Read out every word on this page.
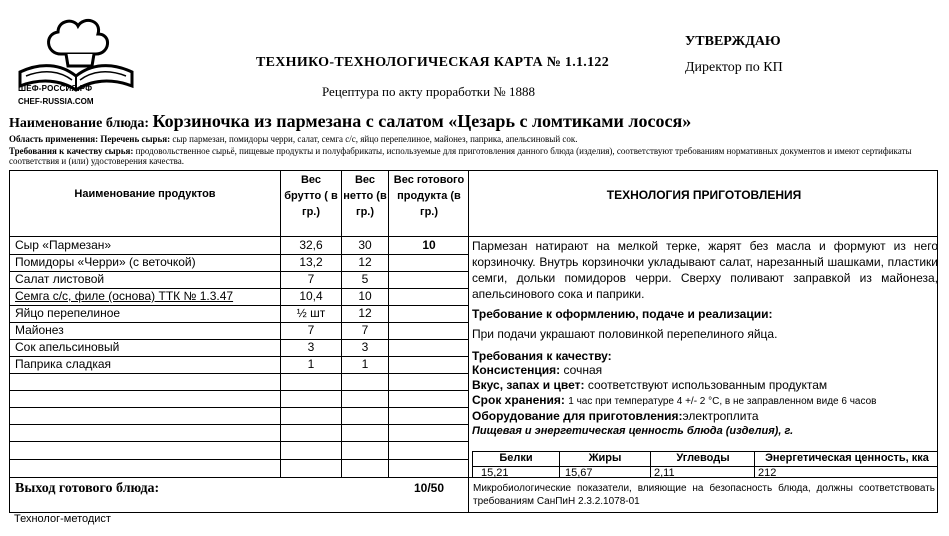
ШЕФ-РОССИЯ.РФ
CHEF-RUSSIA.COM
ТЕХНИКО-ТЕХНОЛОГИЧЕСКАЯ КАРТА № 1.1.122
Рецептура по акту проработки № 1888
УТВЕРЖДАЮ
Директор по КП
Наименование блюда: Корзиночка из пармезана с салатом «Цезарь с ломтиками лосося»
Область применения: Перечень сырья: сыр пармезан, помидоры черри, салат, семга с/с, яйцо перепелиное, майонез, паприка, апельсиновый сок.
Требования к качеству сырья: продовольственное сырьё, пищевые продукты и полуфабрикаты, используемые для приготовления данного блюда (изделия), соответствуют требованиям нормативных документов и имеют сертификаты соответствия и (или) удостоверения качества.
Наименование продуктов
Вес брутто ( в гр.)
Вес нетто (в гр.)
Вес готового продукта (в гр.)
ТЕХНОЛОГИЯ ПРИГОТОВЛЕНИЯ
Сыр «Пармезан»	32,6	30	10
Помидоры «Черри» (с веточкой)	13,2	12
Салат листовой	7	5
Семга с/с, филе (основа) ТТК № 1.3.47	10,4	10
Яйцо перепелиное	½ шт	12
Майонез	7	7
Сок апельсиновый	3	3
Паприка сладкая	1	1
Выход готового блюда:	10/50
Пармезан натирают на мелкой терке, жарят без масла и формуют из него корзиночку. Внутрь корзиночки укладывают салат, нарезанный шашками, пластики семги, дольки помидоров черри. Сверху поливают заправкой из майонеза, апельсинового сока и паприки.
Требование к оформлению, подаче и реализации:
При подачи украшают половинкой перепелиного яйца.
Требования к качеству:
Консистенция: сочная
Вкус, запах и цвет: соответствуют использованным продуктам
Срок хранения: 1 час при температуре 4 +/- 2 °С, в не заправленном виде 6 часов
Оборудование для приготовления:электроплита
Пищевая и энергетическая ценность блюда (изделия), г.
Белки	Жиры	Углеводы	Энергетическая ценность, кка
15,21	15,67	2,11	212
Микробиологические показатели, влияющие на безопасность блюда, должны соответствовать требованиям СанПиН 2.3.2.1078-01
Технолог-методист
